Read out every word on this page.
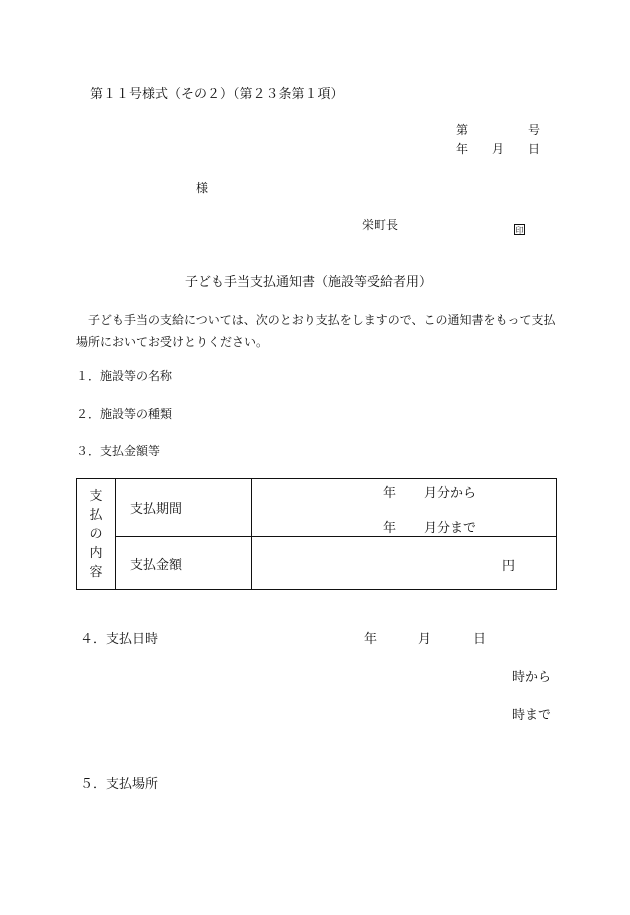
第１１号様式（その２）（第２３条第１項）
第	号
年 月 日
様
栄町長	印
子ども手当支払通知書（施設等受給者用）
子ども手当の支給については、次のとおり支払をしますので、この通知書をもって支払場所においてお受けとりください。
１．施設等の名称
２．施設等の種類
３．支払金額等
支
払
の
内
容	支払期間	年 月分から
年 月分まで

	支払金額	円
４．支払日時	年	月	日
時から
時まで
５．支払場所
